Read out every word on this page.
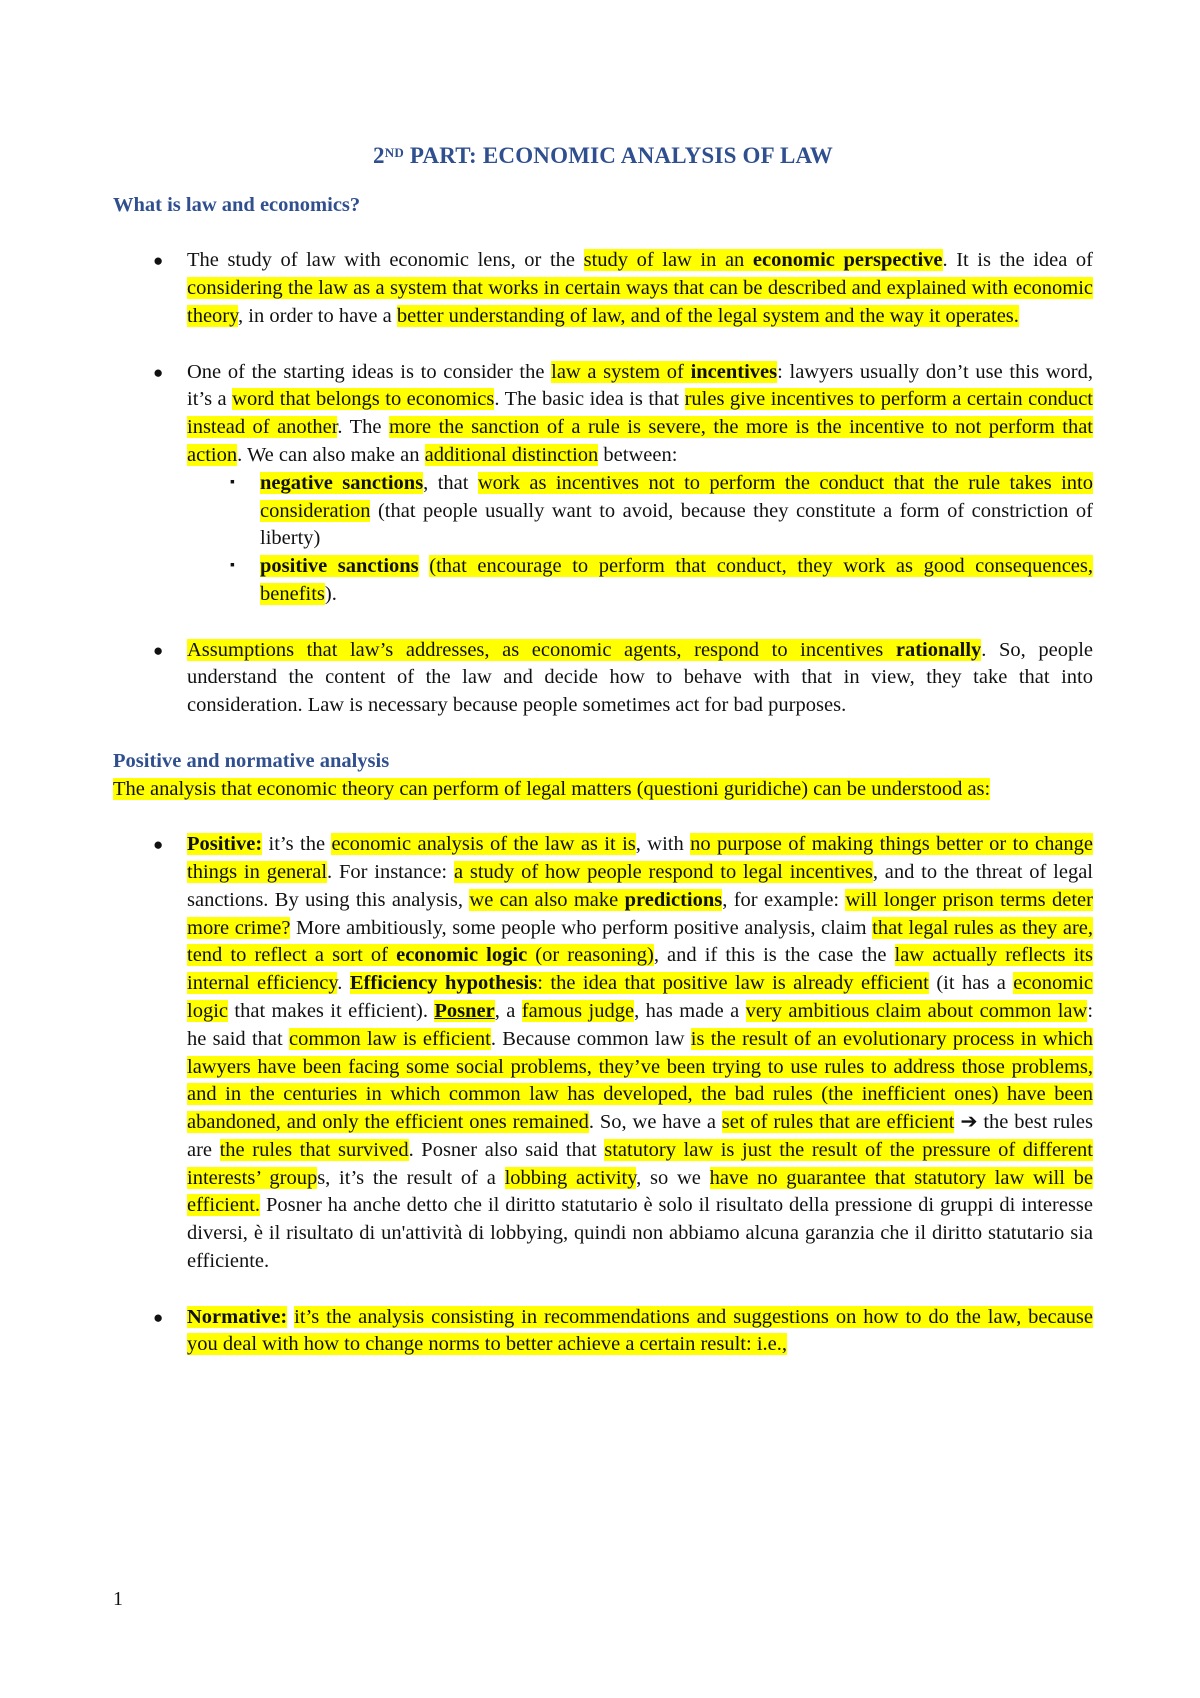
2ND PART: ECONOMIC ANALYSIS OF LAW
What is law and economics?
● The study of law with economic lens, or the study of law in an economic perspective. It is the idea of considering the law as a system that works in certain ways that can be described and explained with economic theory, in order to have a better understanding of law, and of the legal system and the way it operates.
● One of the starting ideas is to consider the law a system of incentives: lawyers usually don’t use this word, it’s a word that belongs to economics. The basic idea is that rules give incentives to perform a certain conduct instead of another. The more the sanction of a rule is severe, the more is the incentive to not perform that action. We can also make an additional distinction between:
▪ negative sanctions, that work as incentives not to perform the conduct that the rule takes into consideration (that people usually want to avoid, because they constitute a form of constriction of liberty)
▪ positive sanctions (that encourage to perform that conduct, they work as good consequences, benefits).
● Assumptions that law’s addresses, as economic agents, respond to incentives rationally. So, people understand the content of the law and decide how to behave with that in view, they take that into consideration. Law is necessary because people sometimes act for bad purposes.
Positive and normative analysis

The analysis that economic theory can perform of legal matters (questioni guridiche) can be understood as:

● Positive: it’s the economic analysis of the law as it is, with no purpose of making things better or to change things in general. For instance: a study of how people respond to legal incentives, and to the threat of legal sanctions. By using this analysis, we can also make predictions, for example: will longer prison terms deter more crime? More ambitiously, some people who perform positive analysis, claim that legal rules as they are, tend to reflect a sort of economic logic (or reasoning), and if this is the case the law actually reflects its internal efficiency. Efficiency hypothesis: the idea that positive law is already efficient (it has a economic logic that makes it efficient). Posner, a famous judge, has made a very ambitious claim about common law: he said that common law is efficient. Because common law is the result of an evolutionary process in which lawyers have been facing some social problems, they’ve been trying to use rules to address those problems, and in the centuries in which common law has developed, the bad rules (the inefficient ones) have been abandoned, and only the efficient ones remained. So, we have a set of rules that are efficient ➔ the best rules are the rules that survived. Posner also said that statutory law is just the result of the pressure of different interests’ groups, it’s the result of a lobbing activity, so we have no guarantee that statutory law will be efficient. Posner ha anche detto che il diritto statutario è solo il risultato della pressione di gruppi di interesse diversi, è il risultato di un'attività di lobbying, quindi non abbiamo alcuna garanzia che il diritto statutario sia efficiente.
● Normative: it’s the analysis consisting in recommendations and suggestions on how to do the law, because you deal with how to change norms to better achieve a certain result: i.e.,
1
